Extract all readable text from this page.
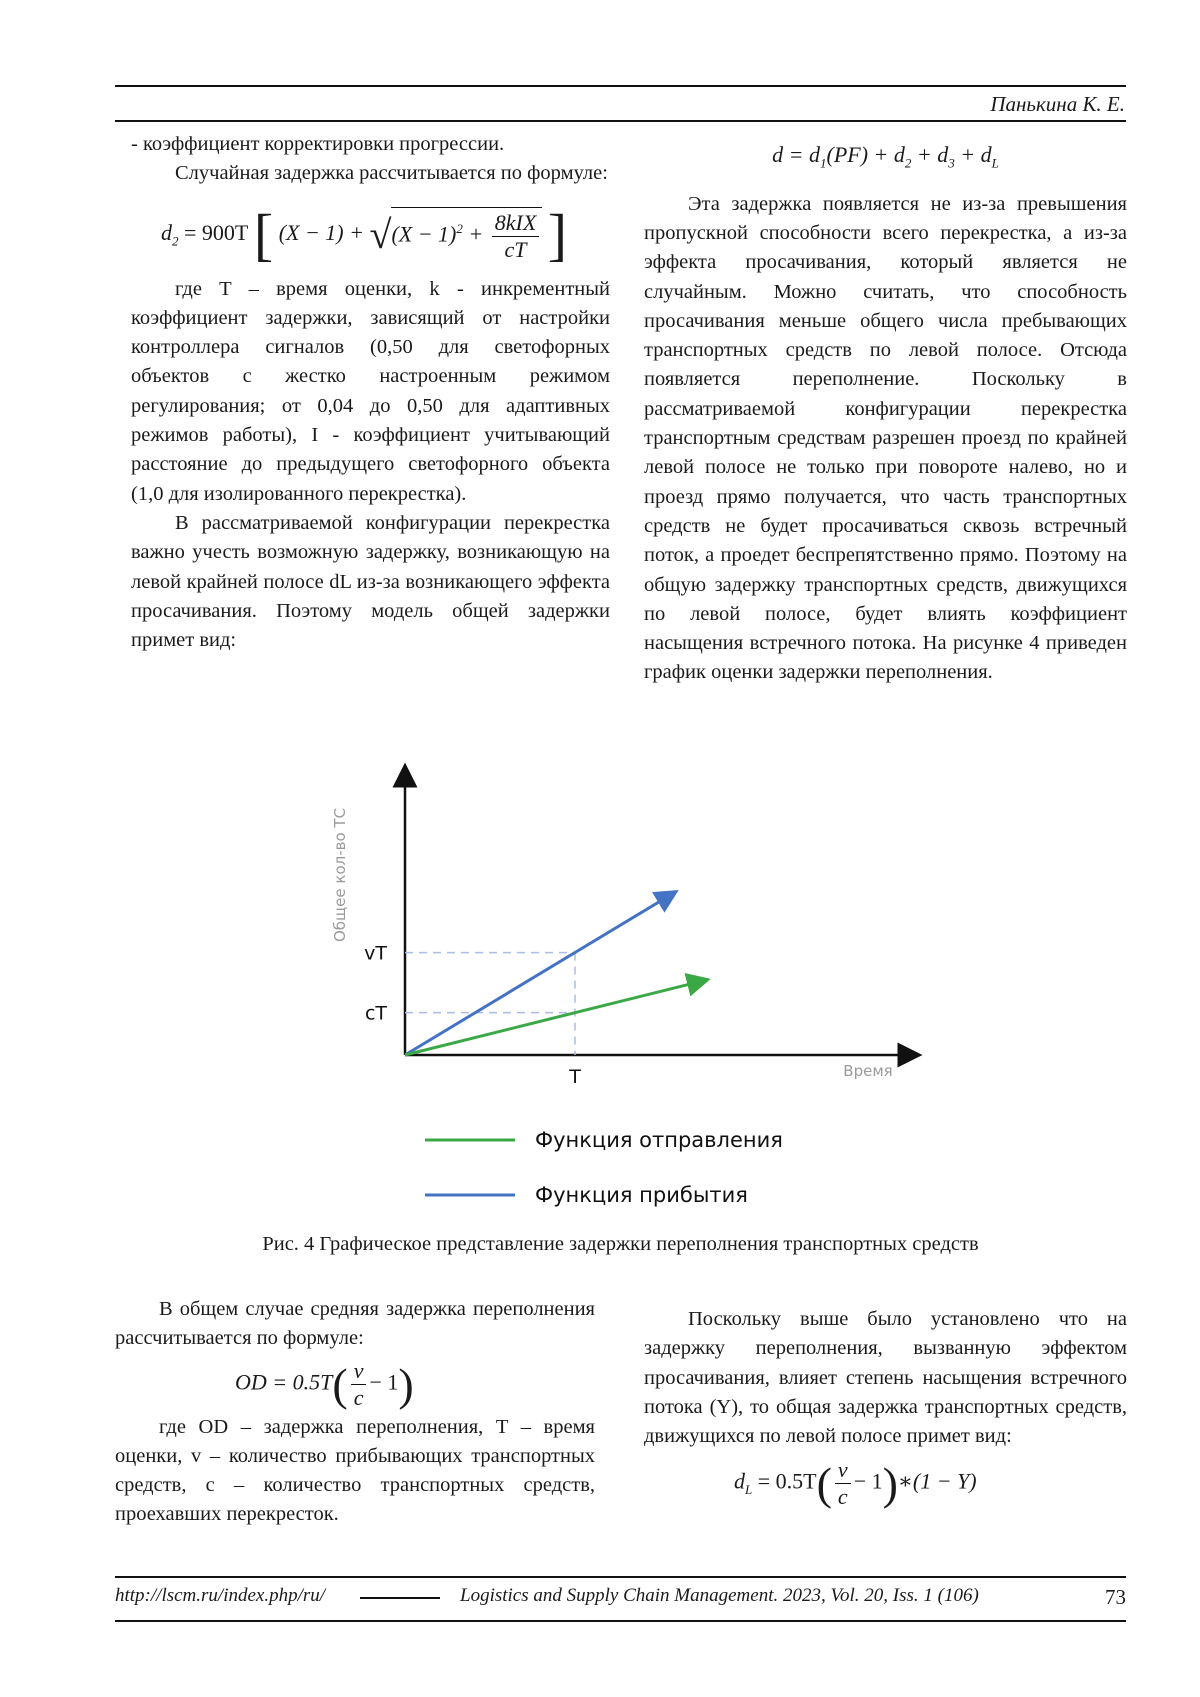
Панькина К. Е.

- коэффициент корректировки прогрессии.

Случайная задержка рассчитывается по формуле:

d2 = 900T [ (X − 1) + √(X − 1)2 + 8kIX
cT ]

где T – время оценки, k - инкрементный коэффициент задержки, зависящий от настройки контроллера сигналов (0,50 для светофорных объектов с жестко настроенным режимом регулирования; от 0,04 до 0,50 для адаптивных режимов работы), I - коэффициент учитывающий расстояние до предыдущего светофорного объекта (1,0 для изолированного перекрестка).

В рассматриваемой конфигурации перекрестка важно учесть возможную задержку, возникающую на левой крайней полосе dL из-за возникающего эффекта просачивания. Поэтому модель общей задержки примет вид:

d = d1(PF) + d2 + d3 + dL

Эта задержка появляется не из-за превышения пропускной способности всего перекрестка, а из-за эффекта просачивания, который является не случайным. Можно считать, что способность просачивания меньше общего числа пребывающих транспортных средств по левой полосе. Отсюда появляется переполнение. Поскольку в рассматриваемой конфигурации перекрестка транспортным средствам разрешен проезд по крайней левой полосе не только при повороте налево, но и проезд прямо получается, что часть транспортных средств не будет просачиваться сквозь встречный поток, а проедет беспрепятственно прямо. Поэтому на общую задержку транспортных средств, движущихся по левой полосе, будет влиять коэффициент насыщения встречного потока. На рисунке 4 приведен график оценки задержки переполнения.

vT
cT
T
Общее кол-во ТС
Время
Функция отправления
Функция прибытия
Рис. 4 Графическое представление задержки переполнения транспортных средств

В общем случае средняя задержка переполнения рассчитывается по формуле:

OD = 0.5T( v
c
− 1)

где OD – задержка переполнения, T – время оценки, v – количество прибывающих транспортных средств, c – количество транспортных средств, проехавших перекресток.

Поскольку выше было установлено что на задержку переполнения, вызванную эффектом просачивания, влияет степень насыщения встречного потока (Y), то общая задержка транспортных средств, движущихся по левой полосе примет вид:

dL = 0.5T( v
c
− 1)∗(1 − Y)
http://lscm.ru/index.php/ru/	Logistics and Supply Chain Management. 2023, Vol. 20, Iss. 1 (106)	73
